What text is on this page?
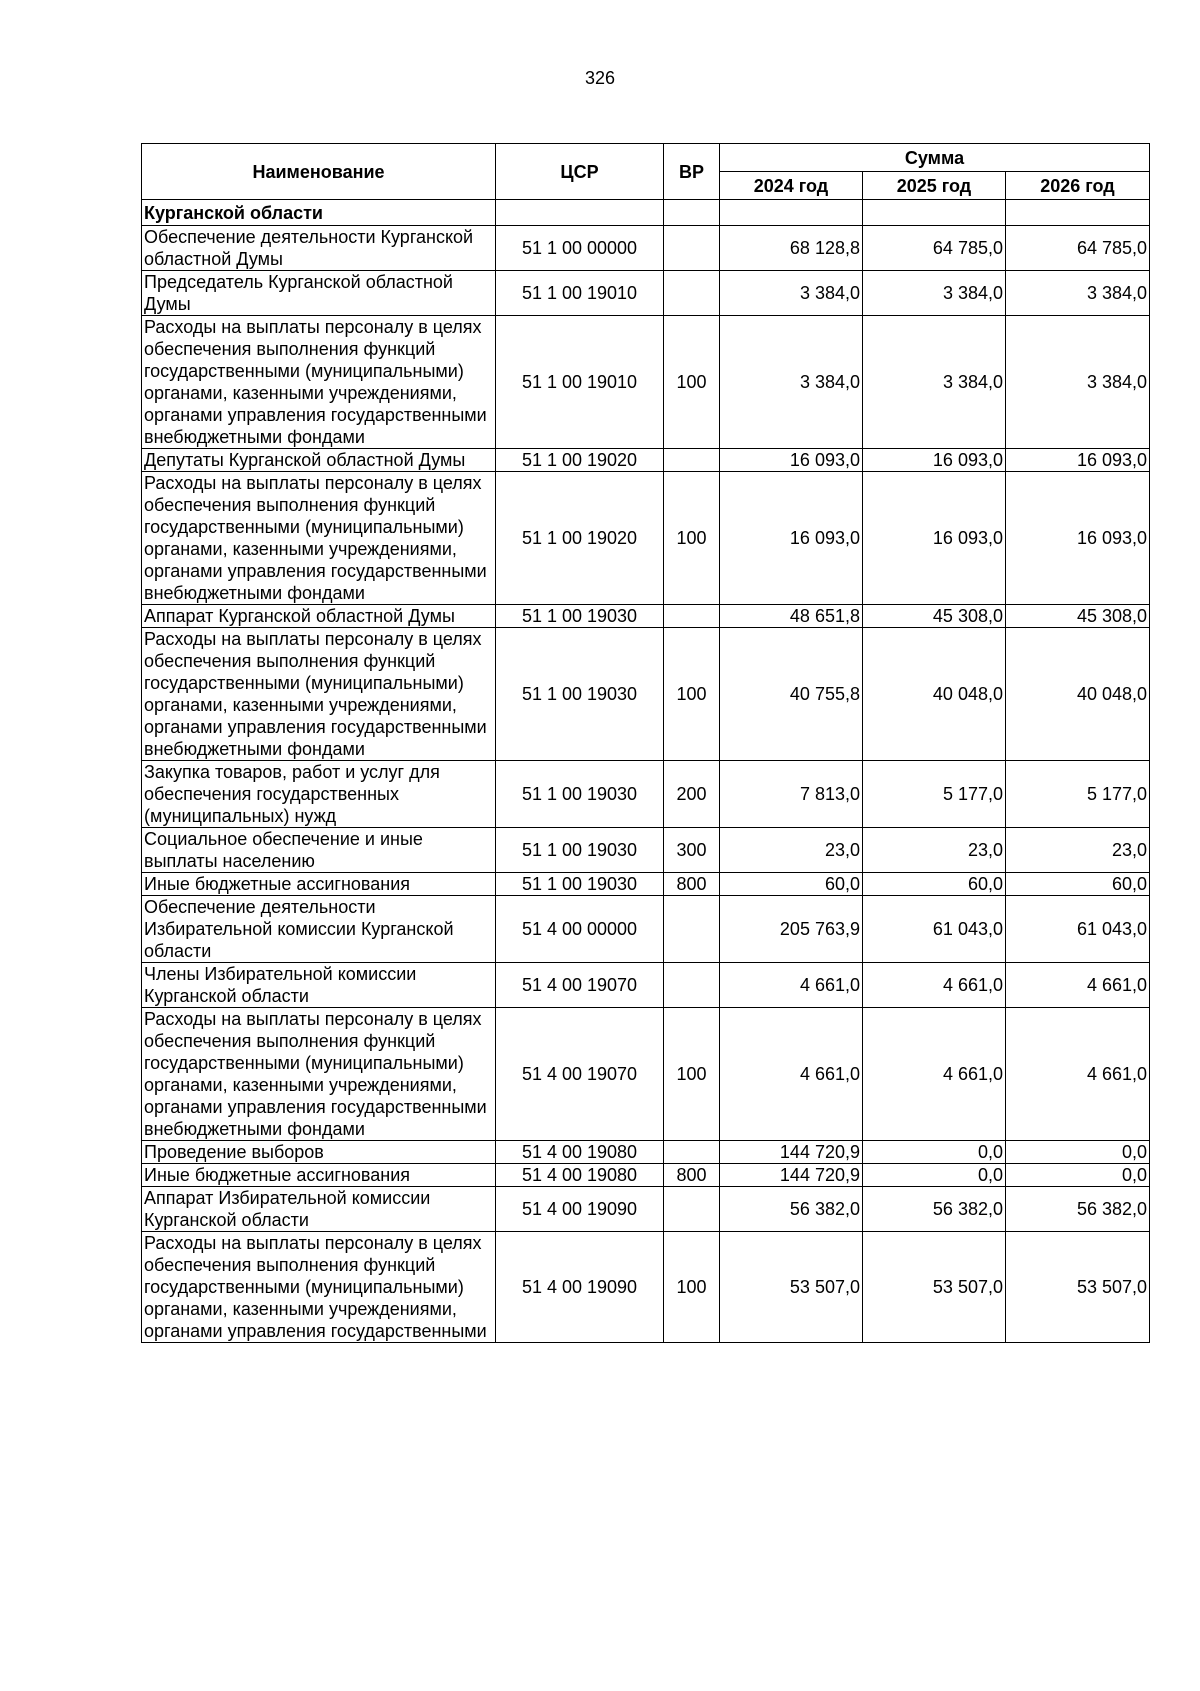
326
Наименование	ЦСР	ВР	Сумма		
			2024 год	2025 год	2026 год
Курганской области					
Обеспечение деятельности Курганской областной Думы	51 1 00 00000		68 128,8	64 785,0	64 785,0
Председатель Курганской областной Думы	51 1 00 19010		3 384,0	3 384,0	3 384,0
Расходы на выплаты персоналу в целях обеспечения выполнения функций государственными (муниципальными) органами, казенными учреждениями, органами управления государственными внебюджетными фондами	51 1 00 19010	100	3 384,0	3 384,0	3 384,0
Депутаты Курганской областной Думы	51 1 00 19020		16 093,0	16 093,0	16 093,0
Расходы на выплаты персоналу в целях обеспечения выполнения функций государственными (муниципальными) органами, казенными учреждениями, органами управления государственными внебюджетными фондами	51 1 00 19020	100	16 093,0	16 093,0	16 093,0
Аппарат Курганской областной Думы	51 1 00 19030		48 651,8	45 308,0	45 308,0
Расходы на выплаты персоналу в целях обеспечения выполнения функций государственными (муниципальными) органами, казенными учреждениями, органами управления государственными внебюджетными фондами	51 1 00 19030	100	40 755,8	40 048,0	40 048,0
Закупка товаров, работ и услуг для обеспечения государственных (муниципальных) нужд	51 1 00 19030	200	7 813,0	5 177,0	5 177,0
Социальное обеспечение и иные выплаты населению	51 1 00 19030	300	23,0	23,0	23,0
Иные бюджетные ассигнования	51 1 00 19030	800	60,0	60,0	60,0
Обеспечение деятельности Избирательной комиссии Курганской области	51 4 00 00000		205 763,9	61 043,0	61 043,0
Члены Избирательной комиссии Курганской области	51 4 00 19070		4 661,0	4 661,0	4 661,0
Расходы на выплаты персоналу в целях обеспечения выполнения функций государственными (муниципальными) органами, казенными учреждениями, органами управления государственными внебюджетными фондами	51 4 00 19070	100	4 661,0	4 661,0	4 661,0
Проведение выборов	51 4 00 19080		144 720,9	0,0	0,0
Иные бюджетные ассигнования	51 4 00 19080	800	144 720,9	0,0	0,0
Аппарат Избирательной комиссии Курганской области	51 4 00 19090		56 382,0	56 382,0	56 382,0
Расходы на выплаты персоналу в целях обеспечения выполнения функций государственными (муниципальными) органами, казенными учреждениями, органами управления государственными	51 4 00 19090	100	53 507,0	53 507,0	53 507,0
